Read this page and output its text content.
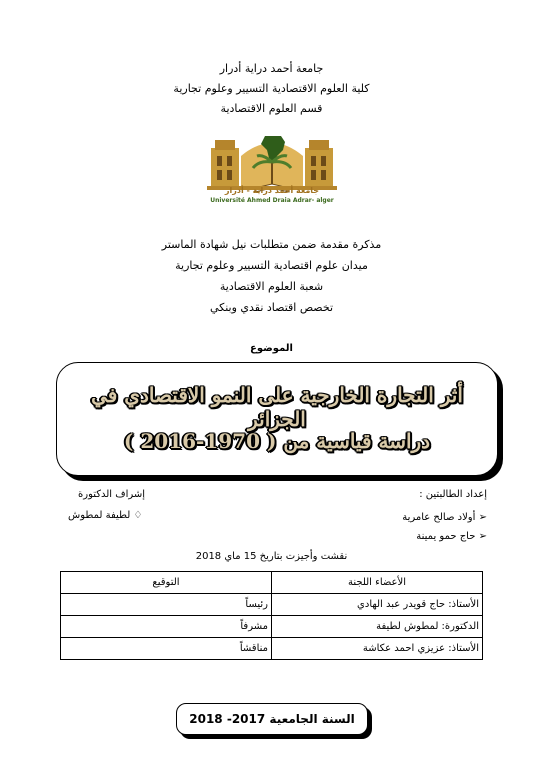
جامعة أحمد دراية أدرار
كلية العلوم الاقتصادية التسيير وعلوم تجارية
قسم العلوم الاقتصادية
جامعة أحمد دراية - أدرار
Université Ahmed Draia Adrar- alger
مذكرة مقدمة ضمن متطلبات نيل شهادة الماستر
ميدان علوم اقتصادية التسيير وعلوم تجارية
شعبة العلوم الاقتصادية
تخصص اقتصاد نقدي وبنكي
الموضوع
أثر التجارة الخارجية على النمو الاقتصادي في الجزائر
دراسة قياسية من ( 1970-2016 )
إعداد الطالبتين :
➢ أولاد صالح عامرية
➢ حاج حمو يمينة
إشراف الدكتورة
♢ لطيفة لمطوش
نقشت وأجيزت بتاريخ 15 ماي 2018
الأعضاء اللجنة	التوقيع
الأستاذ: حاج قويدر عبد الهادي	رئيساً
الدكتورة: لمطوش لطيفة	مشرفاً
الأستاذ: عزيزي احمد عكاشة	مناقشاً
السنة الجامعية 2017- 2018
